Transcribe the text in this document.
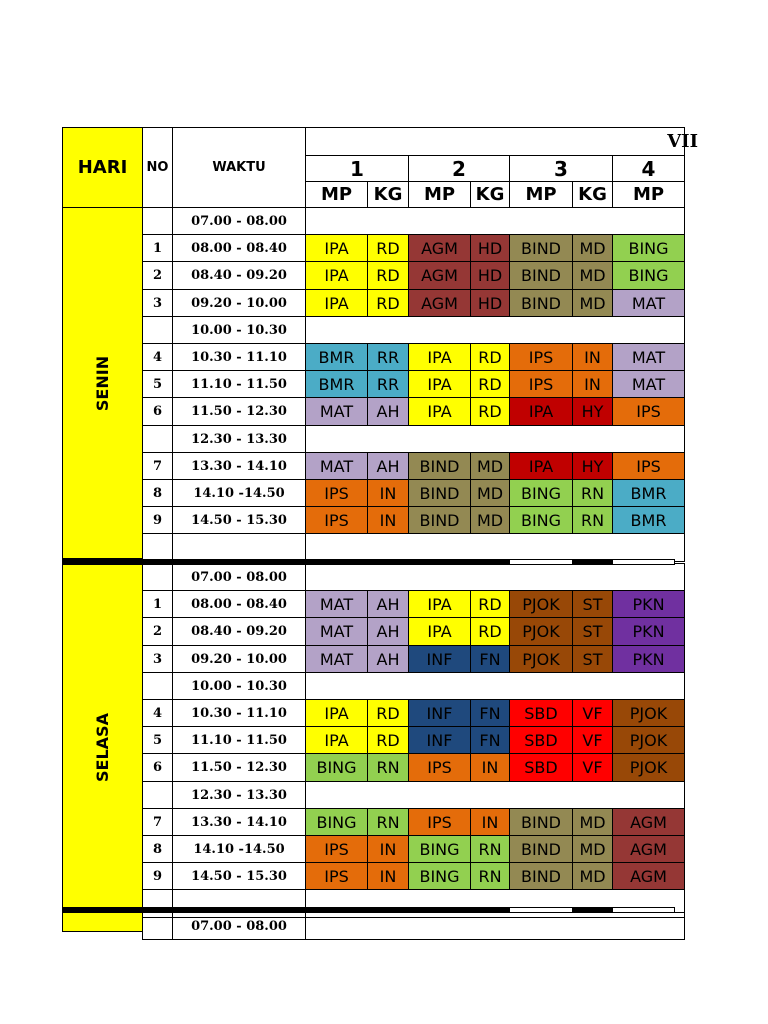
HARI	NO	WAKTU
VII
1	2	3	4
MP	KG	MP	KG	MP	KG	MP
SENIN
07.00 - 08.00
1	08.00 - 08.40	IPA	RD	AGM	HD	BIND	MD	BING
2	08.40 - 09.20	IPA	RD	AGM	HD	BIND	MD	BING
3	09.20 - 10.00	IPA	RD	AGM	HD	BIND	MD	MAT
10.00 - 10.30
4	10.30 - 11.10	BMR	RR	IPA	RD	IPS	IN	MAT
5	11.10 - 11.50	BMR	RR	IPA	RD	IPS	IN	MAT
6	11.50 - 12.30	MAT	AH	IPA	RD	IPA	HY	IPS
12.30 - 13.30
7	13.30 - 14.10	MAT	AH	BIND	MD	IPA	HY	IPS
8	14.10 -14.50	IPS	IN	BIND	MD	BING	RN	BMR
9	14.50 - 15.30	IPS	IN	BIND	MD	BING	RN	BMR
SELASA
07.00 - 08.00
1	08.00 - 08.40	MAT	AH	IPA	RD	PJOK	ST	PKN
2	08.40 - 09.20	MAT	AH	IPA	RD	PJOK	ST	PKN
3	09.20 - 10.00	MAT	AH	INF	FN	PJOK	ST	PKN
10.00 - 10.30
4	10.30 - 11.10	IPA	RD	INF	FN	SBD	VF	PJOK
5	11.10 - 11.50	IPA	RD	INF	FN	SBD	VF	PJOK
6	11.50 - 12.30	BING	RN	IPS	IN	SBD	VF	PJOK
12.30 - 13.30
7	13.30 - 14.10	BING	RN	IPS	IN	BIND	MD	AGM
8	14.10 -14.50	IPS	IN	BING	RN	BIND	MD	AGM
9	14.50 - 15.30	IPS	IN	BING	RN	BIND	MD	AGM
07.00 - 08.00
